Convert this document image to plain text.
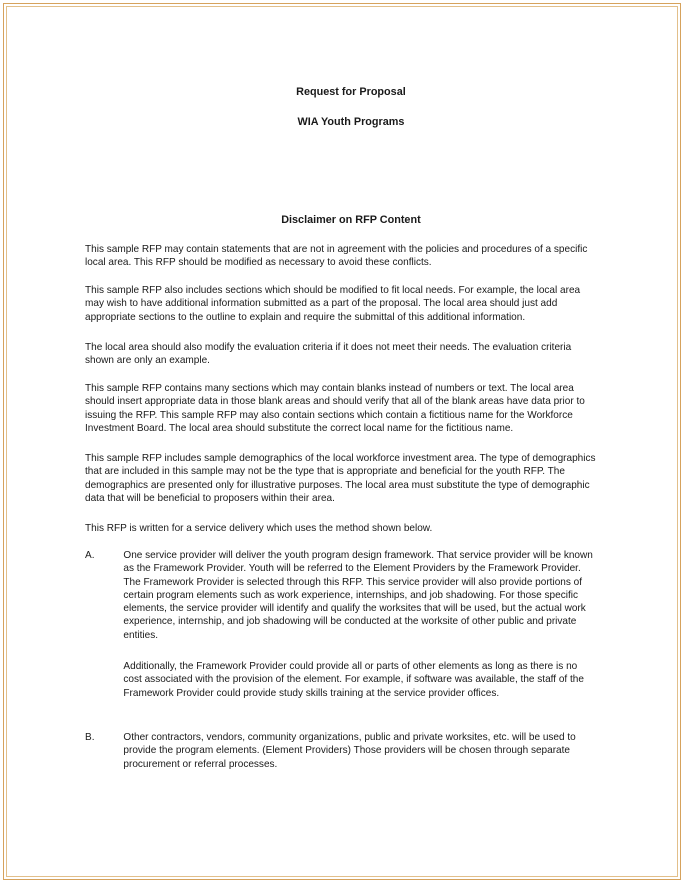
Request for Proposal
WIA Youth Programs
Disclaimer on RFP Content

This sample RFP may contain statements that are not in agreement with the policies and procedures of a specific local area. This RFP should be modified as necessary to avoid these conflicts.

This sample RFP also includes sections which should be modified to fit local needs. For example, the local area may wish to have additional information submitted as a part of the proposal. The local area should just add appropriate sections to the outline to explain and require the submittal of this additional information.

The local area should also modify the evaluation criteria if it does not meet their needs. The evaluation criteria shown are only an example.

This sample RFP contains many sections which may contain blanks instead of numbers or text. The local area should insert appropriate data in those blank areas and should verify that all of the blank areas have data prior to issuing the RFP. This sample RFP may also contain sections which contain a fictitious name for the Workforce Investment Board. The local area should substitute the correct local name for the fictitious name.

This sample RFP includes sample demographics of the local workforce investment area. The type of demographics that are included in this sample may not be the type that is appropriate and beneficial for the youth RFP. The demographics are presented only for illustrative purposes. The local area must substitute the type of demographic data that will be beneficial to proposers within their area.

This RFP is written for a service delivery which uses the method shown below.

A.	One service provider will deliver the youth program design framework. That service provider will be known as the Framework Provider. Youth will be referred to the Element Providers by the Framework Provider. The Framework Provider is selected through this RFP. This service provider will also provide portions of certain program elements such as work experience, internships, and job shadowing. For those specific elements, the service provider will identify and qualify the worksites that will be used, but the actual work experience, internship, and job shadowing will be conducted at the worksite of other public and private entities.

Additionally, the Framework Provider could provide all or parts of other elements as long as there is no cost associated with the provision of the element. For example, if software was available, the staff of the Framework Provider could provide study skills training at the service provider offices.

B.	Other contractors, vendors, community organizations, public and private worksites, etc. will be used to provide the program elements. (Element Providers) Those providers will be chosen through separate procurement or referral processes.
